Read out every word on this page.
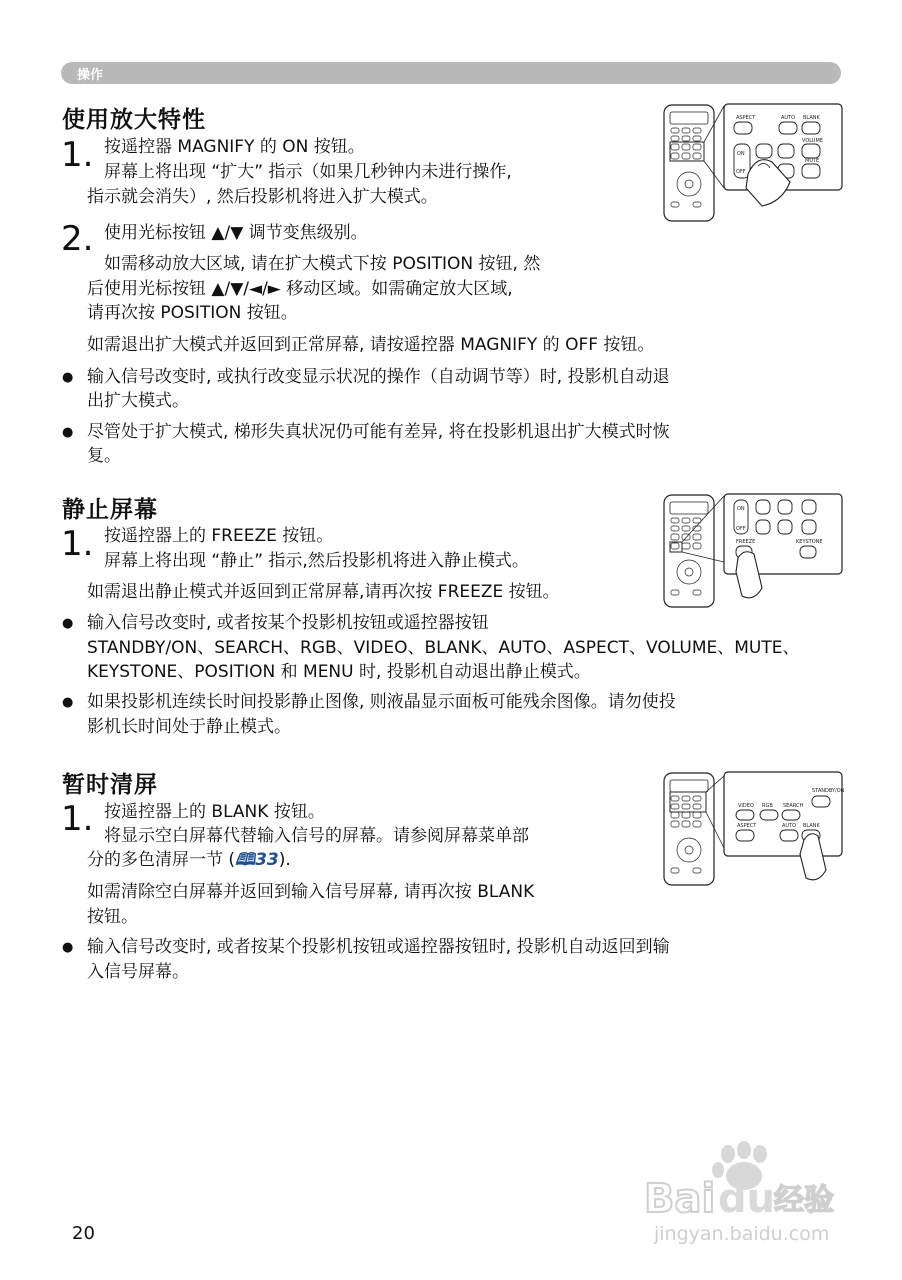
操作
使用放大特性
1. 按遥控器 MAGNIFY 的 ON 按钮。
屏幕上将出现 “扩大” 指示（如果几秒钟内未进行操作,
指示就会消失）, 然后投影机将进入扩大模式。
2. 使用光标按钮 ▲/▼ 调节变焦级别。
如需移动放大区域, 请在扩大模式下按 POSITION 按钮, 然
后使用光标按钮 ▲/▼/◄/► 移动区域。如需确定放大区域,
请再次按 POSITION 按钮。
如需退出扩大模式并返回到正常屏幕, 请按遥控器 MAGNIFY 的 OFF 按钮。
● 输入信号改变时, 或执行改变显示状况的操作（自动调节等）时, 投影机自动退
出扩大模式。
● 尽管处于扩大模式, 梯形失真状况仍可能有差异, 将在投影机退出扩大模式时恢
复。
ASPECT	AUTO BLANK
ON
OFF
VOLUME
MUTE
静止屏幕
1. 按遥控器上的 FREEZE 按钮。
屏幕上将出现 “静止” 指示,然后投影机将进入静止模式。
如需退出静止模式并返回到正常屏幕,请再次按 FREEZE 按钮。
● 输入信号改变时, 或者按某个投影机按钮或遥控器按钮
STANDBY/ON、SEARCH、RGB、VIDEO、BLANK、AUTO、ASPECT、VOLUME、MUTE、
KEYSTONE、POSITION 和 MENU 时, 投影机自动退出静止模式。
● 如果投影机连续长时间投影静止图像, 则液晶显示面板可能残余图像。请勿使投
影机长时间处于静止模式。
ON
OFF
FREEZE	KEYSTONE
暂时清屏
1. 按遥控器上的 BLANK 按钮。
将显示空白屏幕代替输入信号的屏幕。请参阅屏幕菜单部
分的多色清屏一节 (🕮33).
如需清除空白屏幕并返回到输入信号屏幕, 请再次按 BLANK
按钮。
● 输入信号改变时, 或者按某个投影机按钮或遥控器按钮时, 投影机自动返回到输
入信号屏幕。
STANDBY/ON
VIDEO RGB SEARCH
ASPECT	AUTO BLANK
20
Bai du
经验
jingyan.baidu.com
